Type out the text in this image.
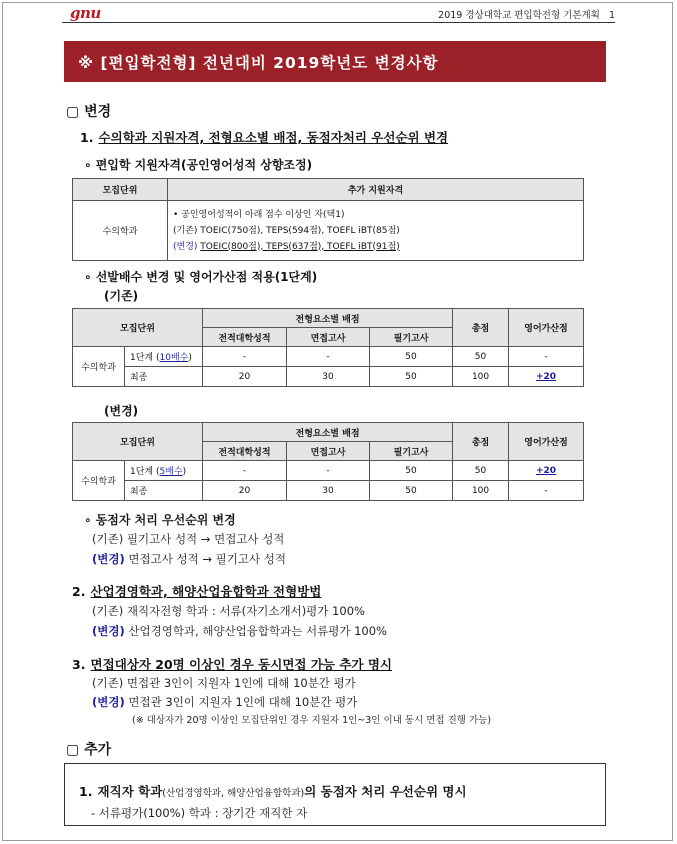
gnu	2019 경상대학교 편입학전형 기본계획 1
※ [편입학전형] 전년대비 2019학년도 변경사항
▢ 변경
1. 수의학과 지원자격, 전형요소별 배점, 동점자처리 우선순위 변경
∘ 편입학 지원자격(공인영어성적 상향조정)
모집단위	추가 지원자격
수의학과	• 공인영어성적이 아래 점수 이상인 자(택1)
(기존) TOEIC(750점), TEPS(594점), TOEFL iBT(85점)
(변경) TOEIC(800점), TEPS(637점), TOEFL iBT(91점)
∘ 선발배수 변경 및 영어가산점 적용(1단계)
(기존)
모집단위		전형요소별 배점			총점	영어가산점
		전적대학성적	면접고사	필기고사		
수의학과	1단계 (10배수)	-	-	50	50	-
	최종	20	30	50	100	+20
(변경)
모집단위		전형요소별 배점			총점	영어가산점
		전적대학성적	면접고사	필기고사		
수의학과	1단계 (5배수)	-	-	50	50	+20
	최종	20	30	50	100	-
∘ 동점자 처리 우선순위 변경
(기존) 필기고사 성적 → 면접고사 성적
(변경) 면접고사 성적 → 필기고사 성적
2. 산업경영학과, 해양산업융합학과 전형방법
(기존) 재직자전형 학과 : 서류(자기소개서)평가 100%
(변경) 산업경영학과, 해양산업융합학과는 서류평가 100%
3. 면접대상자 20명 이상인 경우 동시면접 가능 추가 명시
(기존) 면접관 3인이 지원자 1인에 대해 10분간 평가
(변경) 면접관 3인이 지원자 1인에 대해 10분간 평가
(※ 대상자가 20명 이상인 모집단위인 경우 지원자 1인~3인 이내 동시 면접 진행 가능)
▢ 추가
1. 재직자 학과(산업경영학과, 해양산업융합학과)의 동점자 처리 우선순위 명시
- 서류평가(100%) 학과 : 장기간 재직한 자
